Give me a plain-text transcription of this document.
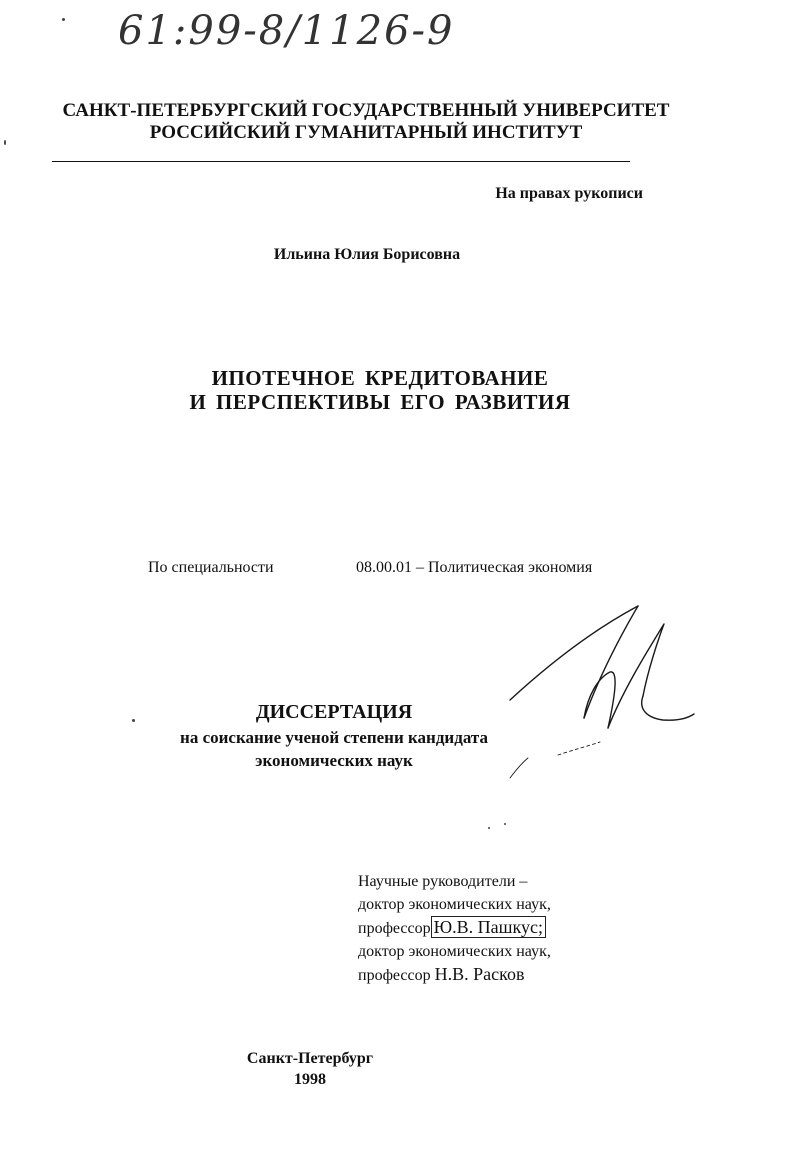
61:99-8/1126-9
САНКТ-ПЕТЕРБУРГСКИЙ ГОСУДАРСТВЕННЫЙ УНИВЕРСИТЕТ
РОССИЙСКИЙ ГУМАНИТАРНЫЙ ИНСТИТУТ
На правах рукописи
Ильина Юлия Борисовна
ИПОТЕЧНОЕ КРЕДИТОВАНИЕ
И ПЕРСПЕКТИВЫ ЕГО РАЗВИТИЯ
По специальности	08.00.01 – Политическая экономия
ДИССЕРТАЦИЯ
на соискание ученой степени кандидата
экономических наук
Научные руководители –
доктор экономических наук,
профессор Ю.В. Пашкус;
доктор экономических наук,
профессор Н.В. Расков
Санкт-Петербург
1998
